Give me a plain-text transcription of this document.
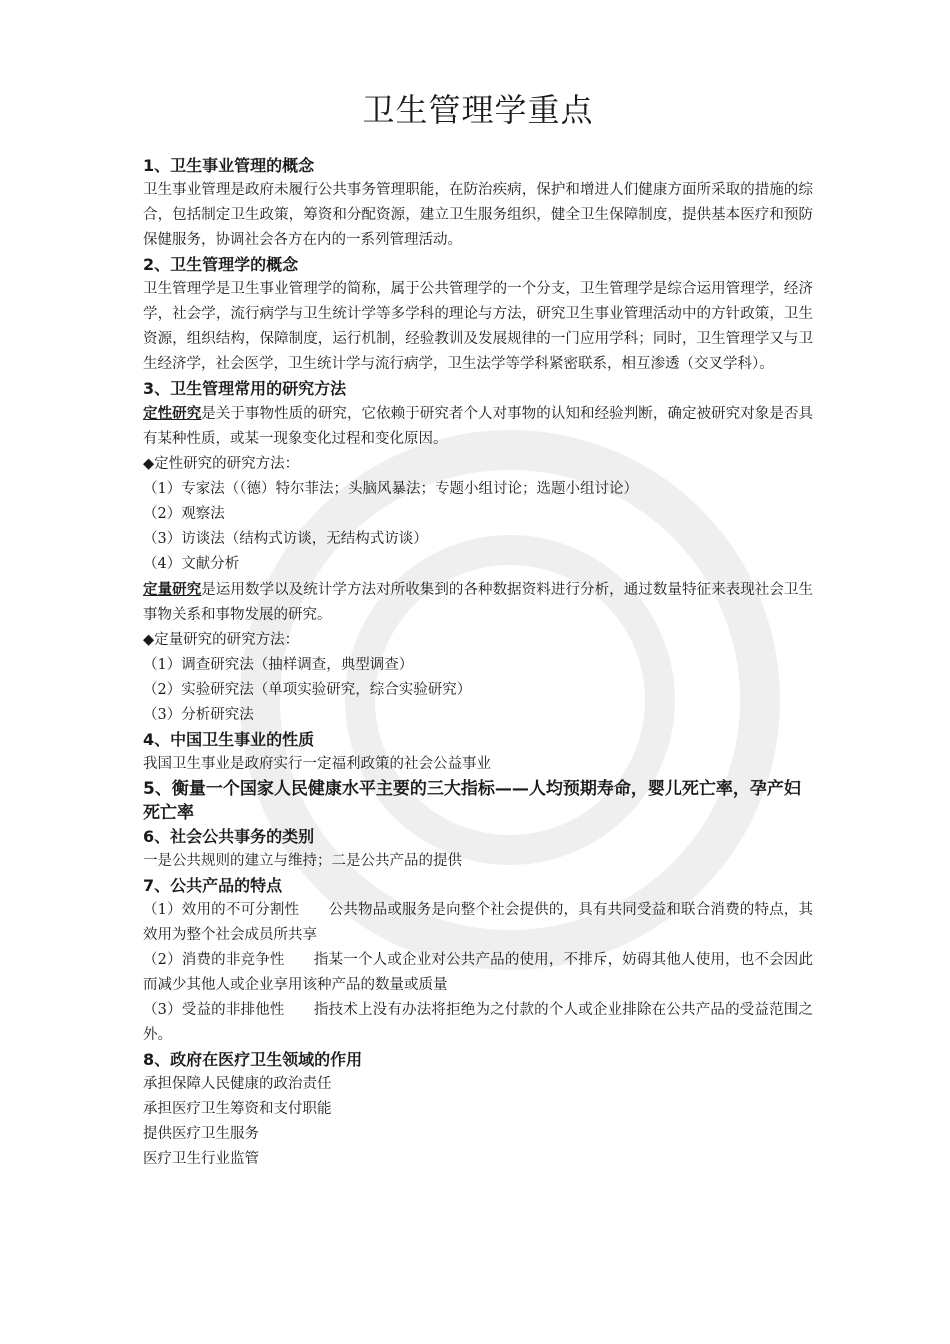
卫生管理学重点
1、卫生事业管理的概念

卫生事业管理是政府未履行公共事务管理职能，在防治疾病，保护和增进人们健康方面所采取的措施的综合，包括制定卫生政策，筹资和分配资源，建立卫生服务组织，健全卫生保障制度，提供基本医疗和预防保健服务，协调社会各方在内的一系列管理活动。

2、卫生管理学的概念

卫生管理学是卫生事业管理学的简称，属于公共管理学的一个分支，卫生管理学是综合运用管理学，经济学，社会学，流行病学与卫生统计学等多学科的理论与方法，研究卫生事业管理活动中的方针政策，卫生资源，组织结构，保障制度，运行机制，经验教训及发展规律的一门应用学科；同时，卫生管理学又与卫生经济学，社会医学，卫生统计学与流行病学，卫生法学等学科紧密联系，相互渗透（交叉学科）。

3、卫生管理常用的研究方法

定性研究是关于事物性质的研究，它依赖于研究者个人对事物的认知和经验判断，确定被研究对象是否具有某种性质，或某一现象变化过程和变化原因。

◆定性研究的研究方法：

（1）专家法（（德）特尔菲法；头脑风暴法；专题小组讨论；选题小组讨论）

（2）观察法

（3）访谈法（结构式访谈，无结构式访谈）

（4）文献分析

定量研究是运用数学以及统计学方法对所收集到的各种数据资料进行分析，通过数量特征来表现社会卫生事物关系和事物发展的研究。

◆定量研究的研究方法：

（1）调查研究法（抽样调查，典型调查）

（2）实验研究法（单项实验研究，综合实验研究）

（3）分析研究法

4、中国卫生事业的性质

我国卫生事业是政府实行一定福利政策的社会公益事业

5、衡量一个国家人民健康水平主要的三大指标——人均预期寿命，婴儿死亡率，孕产妇死亡率
6、社会公共事务的类别

一是公共规则的建立与维持；二是公共产品的提供

7、公共产品的特点

（1）效用的不可分割性　　公共物品或服务是向整个社会提供的，具有共同受益和联合消费的特点，其效用为整个社会成员所共享

（2）消费的非竞争性　　指某一个人或企业对公共产品的使用，不排斥，妨碍其他人使用，也不会因此而减少其他人或企业享用该种产品的数量或质量

（3）受益的非排他性　　指技术上没有办法将拒绝为之付款的个人或企业排除在公共产品的受益范围之外。

8、政府在医疗卫生领域的作用

承担保障人民健康的政治责任

承担医疗卫生筹资和支付职能

提供医疗卫生服务

医疗卫生行业监管
